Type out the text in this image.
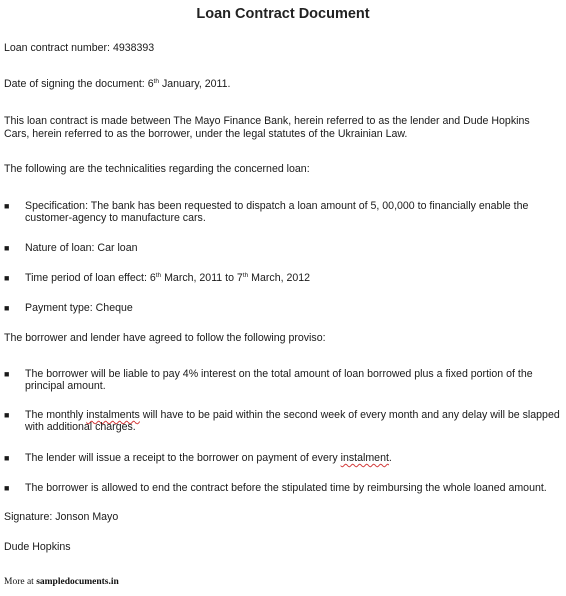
Loan Contract Document
Loan contract number: 4938393
Date of signing the document: 6th January, 2011.
This loan contract is made between The Mayo Finance Bank, herein referred to as the lender and Dude Hopkins Cars, herein referred to as the borrower, under the legal statutes of the Ukrainian Law.
The following are the technicalities regarding the concerned loan:
■ Specification: The bank has been requested to dispatch a loan amount of 5, 00,000 to financially enable the customer-agency to manufacture cars.
■ Nature of loan: Car loan
■ Time period of loan effect: 6th March, 2011 to 7th March, 2012
■ Payment type: Cheque
The borrower and lender have agreed to follow the following proviso:
■ The borrower will be liable to pay 4% interest on the total amount of loan borrowed plus a fixed portion of the principal amount.
■ The monthly instalments will have to be paid within the second week of every month and any delay will be slapped with additional charges.
■ The lender will issue a receipt to the borrower on payment of every instalment.
■ The borrower is allowed to end the contract before the stipulated time by reimbursing the whole loaned amount.
Signature: Jonson Mayo
Dude Hopkins
More at sampledocuments.in
